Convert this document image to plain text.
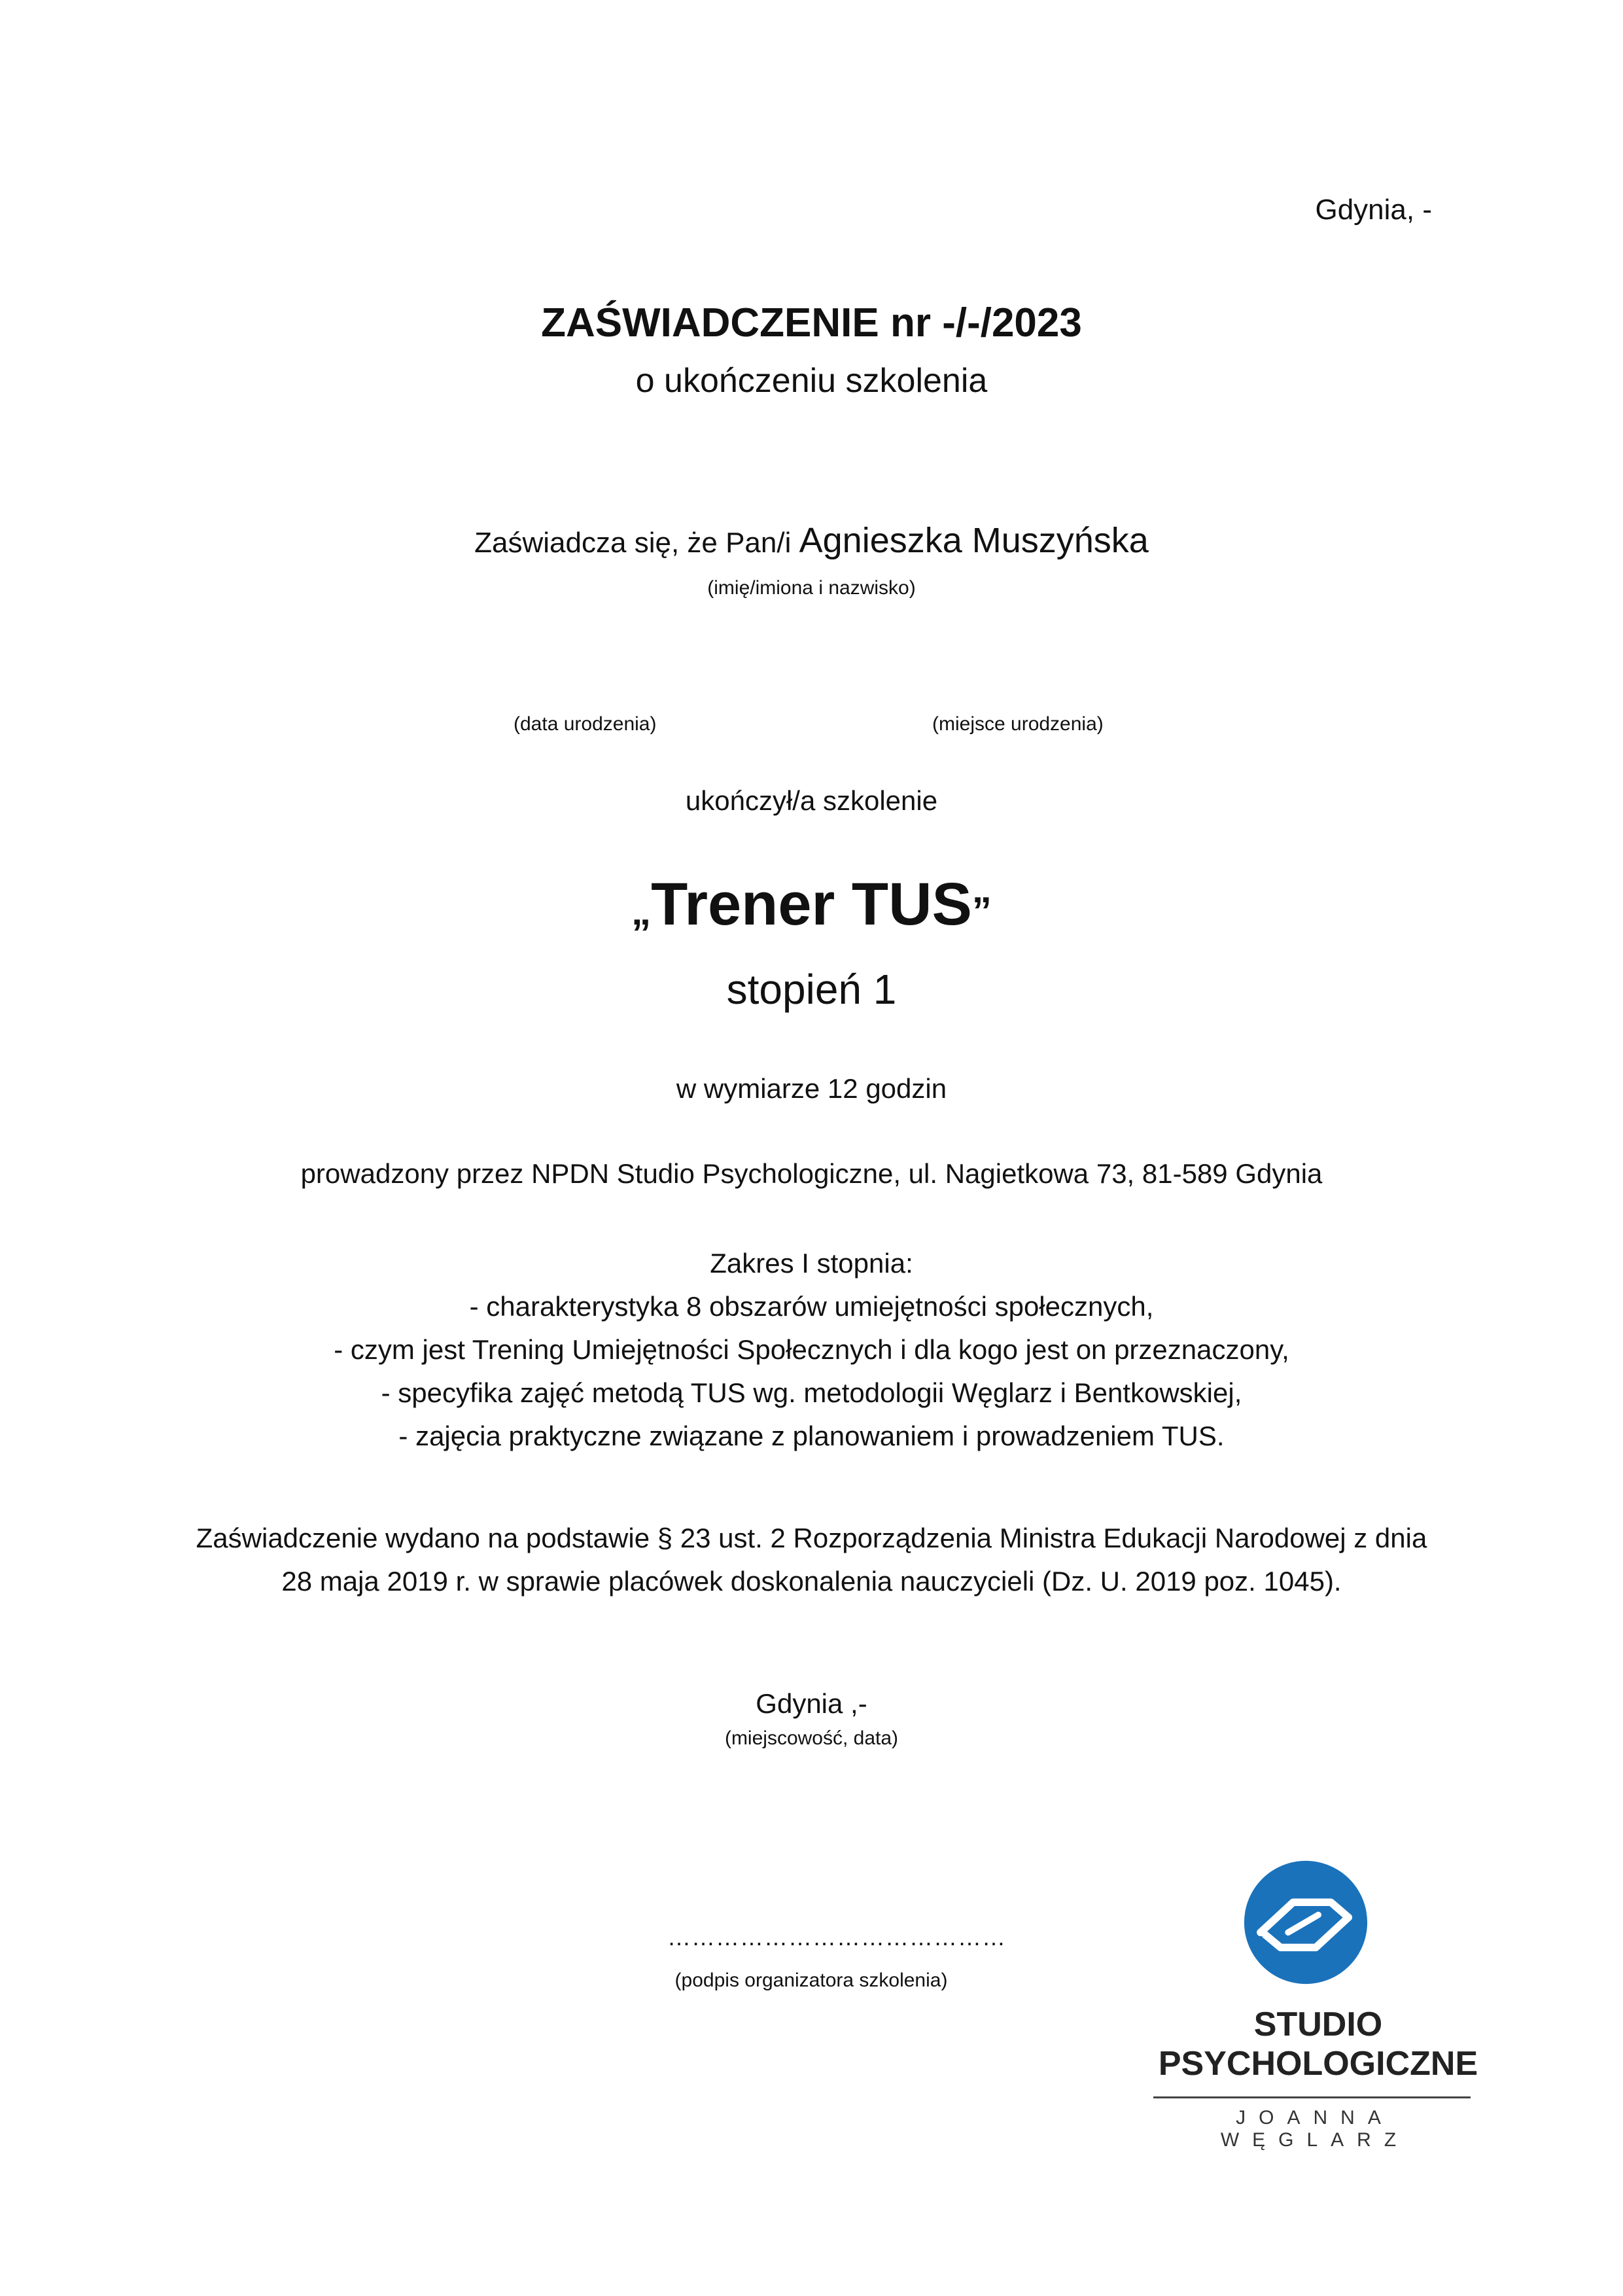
Gdynia, -
ZAŚWIADCZENIE nr -/-/2023
o ukończeniu szkolenia
Zaświadcza się, że Pan/i Agnieszka Muszyńska
(imię/imiona i nazwisko)
(data urodzenia)	(miejsce urodzenia)
ukończył/a szkolenie
„Trener TUS”
stopień 1
w wymiarze 12 godzin
prowadzony przez NPDN Studio Psychologiczne, ul. Nagietkowa 73, 81-589 Gdynia
Zakres I stopnia:
- charakterystyka 8 obszarów umiejętności społecznych,
- czym jest Trening Umiejętności Społecznych i dla kogo jest on przeznaczony,
- specyfika zajęć metodą TUS wg. metodologii Węglarz i Bentkowskiej,
- zajęcia praktyczne związane z planowaniem i prowadzeniem TUS.
Zaświadczenie wydano na podstawie § 23 ust. 2 Rozporządzenia Ministra Edukacji Narodowej z dnia
28 maja 2019 r. w sprawie placówek doskonalenia nauczycieli (Dz. U. 2019 poz. 1045).
Gdynia ,-
(miejscowość, data)
……………………………………
(podpis organizatora szkolenia)
STUDIO
PSYCHOLOGICZNE
JOANNA WĘGLARZ
